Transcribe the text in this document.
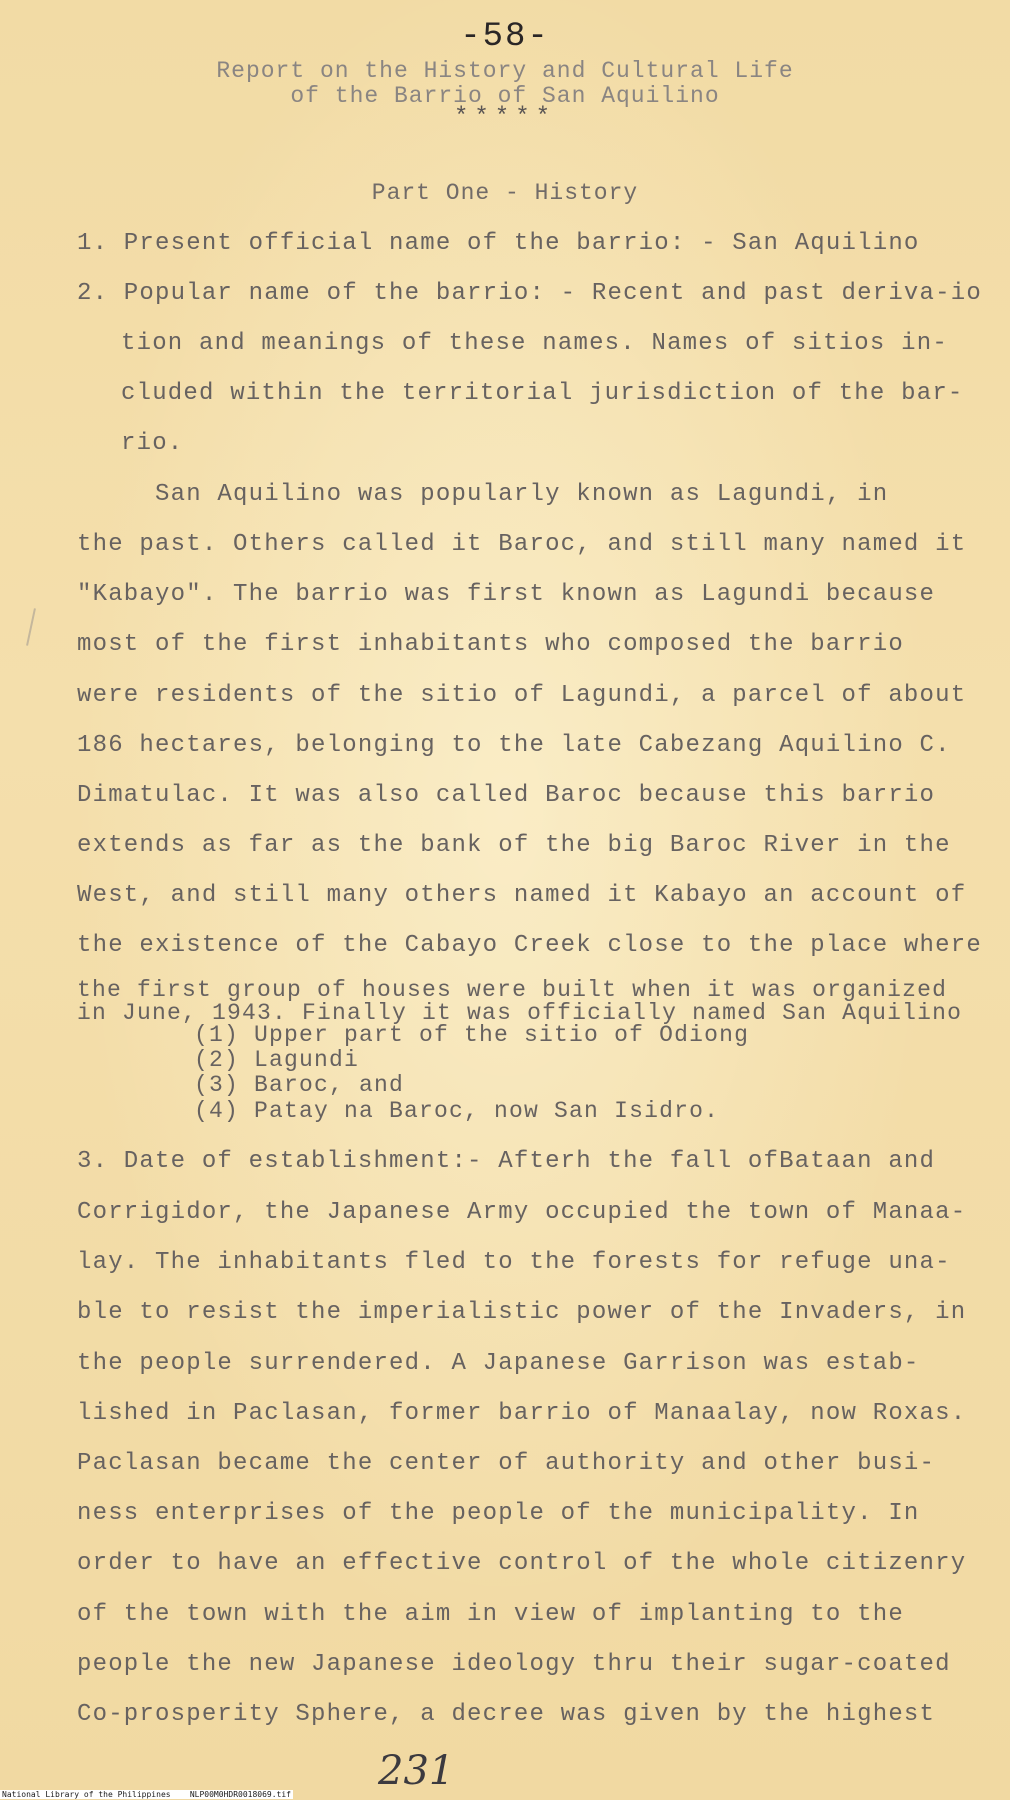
-58-
Report on the History and Cultural Life
of the Barrio of San Aquilino
*****
Part One - History
1. Present official name of the barrio: - San Aquilino
2. Popular name of the barrio: - Recent and past deriva-io
tion and meanings of these names. Names of sitios in-
cluded within the territorial jurisdiction of the bar-
rio.
San Aquilino was popularly known as Lagundi, in
the past. Others called it Baroc, and still many named it
"Kabayo". The barrio was first known as Lagundi because
most of the first inhabitants who composed the barrio
were residents of the sitio of Lagundi, a parcel of about
186 hectares, belonging to the late Cabezang Aquilino C.
Dimatulac. It was also called Baroc because this barrio
extends as far as the bank of the big Baroc River in the
West, and still many others named it Kabayo an account of
the existence of the Cabayo Creek close to the place where
the first group of houses were built when it was organized
in June, 1943. Finally it was officially named San Aquilino
(1) Upper part of the sitio of Odiong
(2) Lagundi
(3) Baroc, and
(4) Patay na Baroc, now San Isidro.
3. Date of establishment:- Afterh the fall ofBataan and
Corrigidor, the Japanese Army occupied the town of Manaa-
lay. The inhabitants fled to the forests for refuge una-
ble to resist the imperialistic power of the Invaders, in
the people surrendered. A Japanese Garrison was estab-
lished in Paclasan, former barrio of Manaalay, now Roxas.
Paclasan became the center of authority and other busi-
ness enterprises of the people of the municipality. In
order to have an effective control of the whole citizenry
of the town with the aim in view of implanting to the
people the new Japanese ideology thru their sugar-coated
Co-prosperity Sphere, a decree was given by the highest
231
National Library of the Philippines    NLP00M0HDR0018069.tif
